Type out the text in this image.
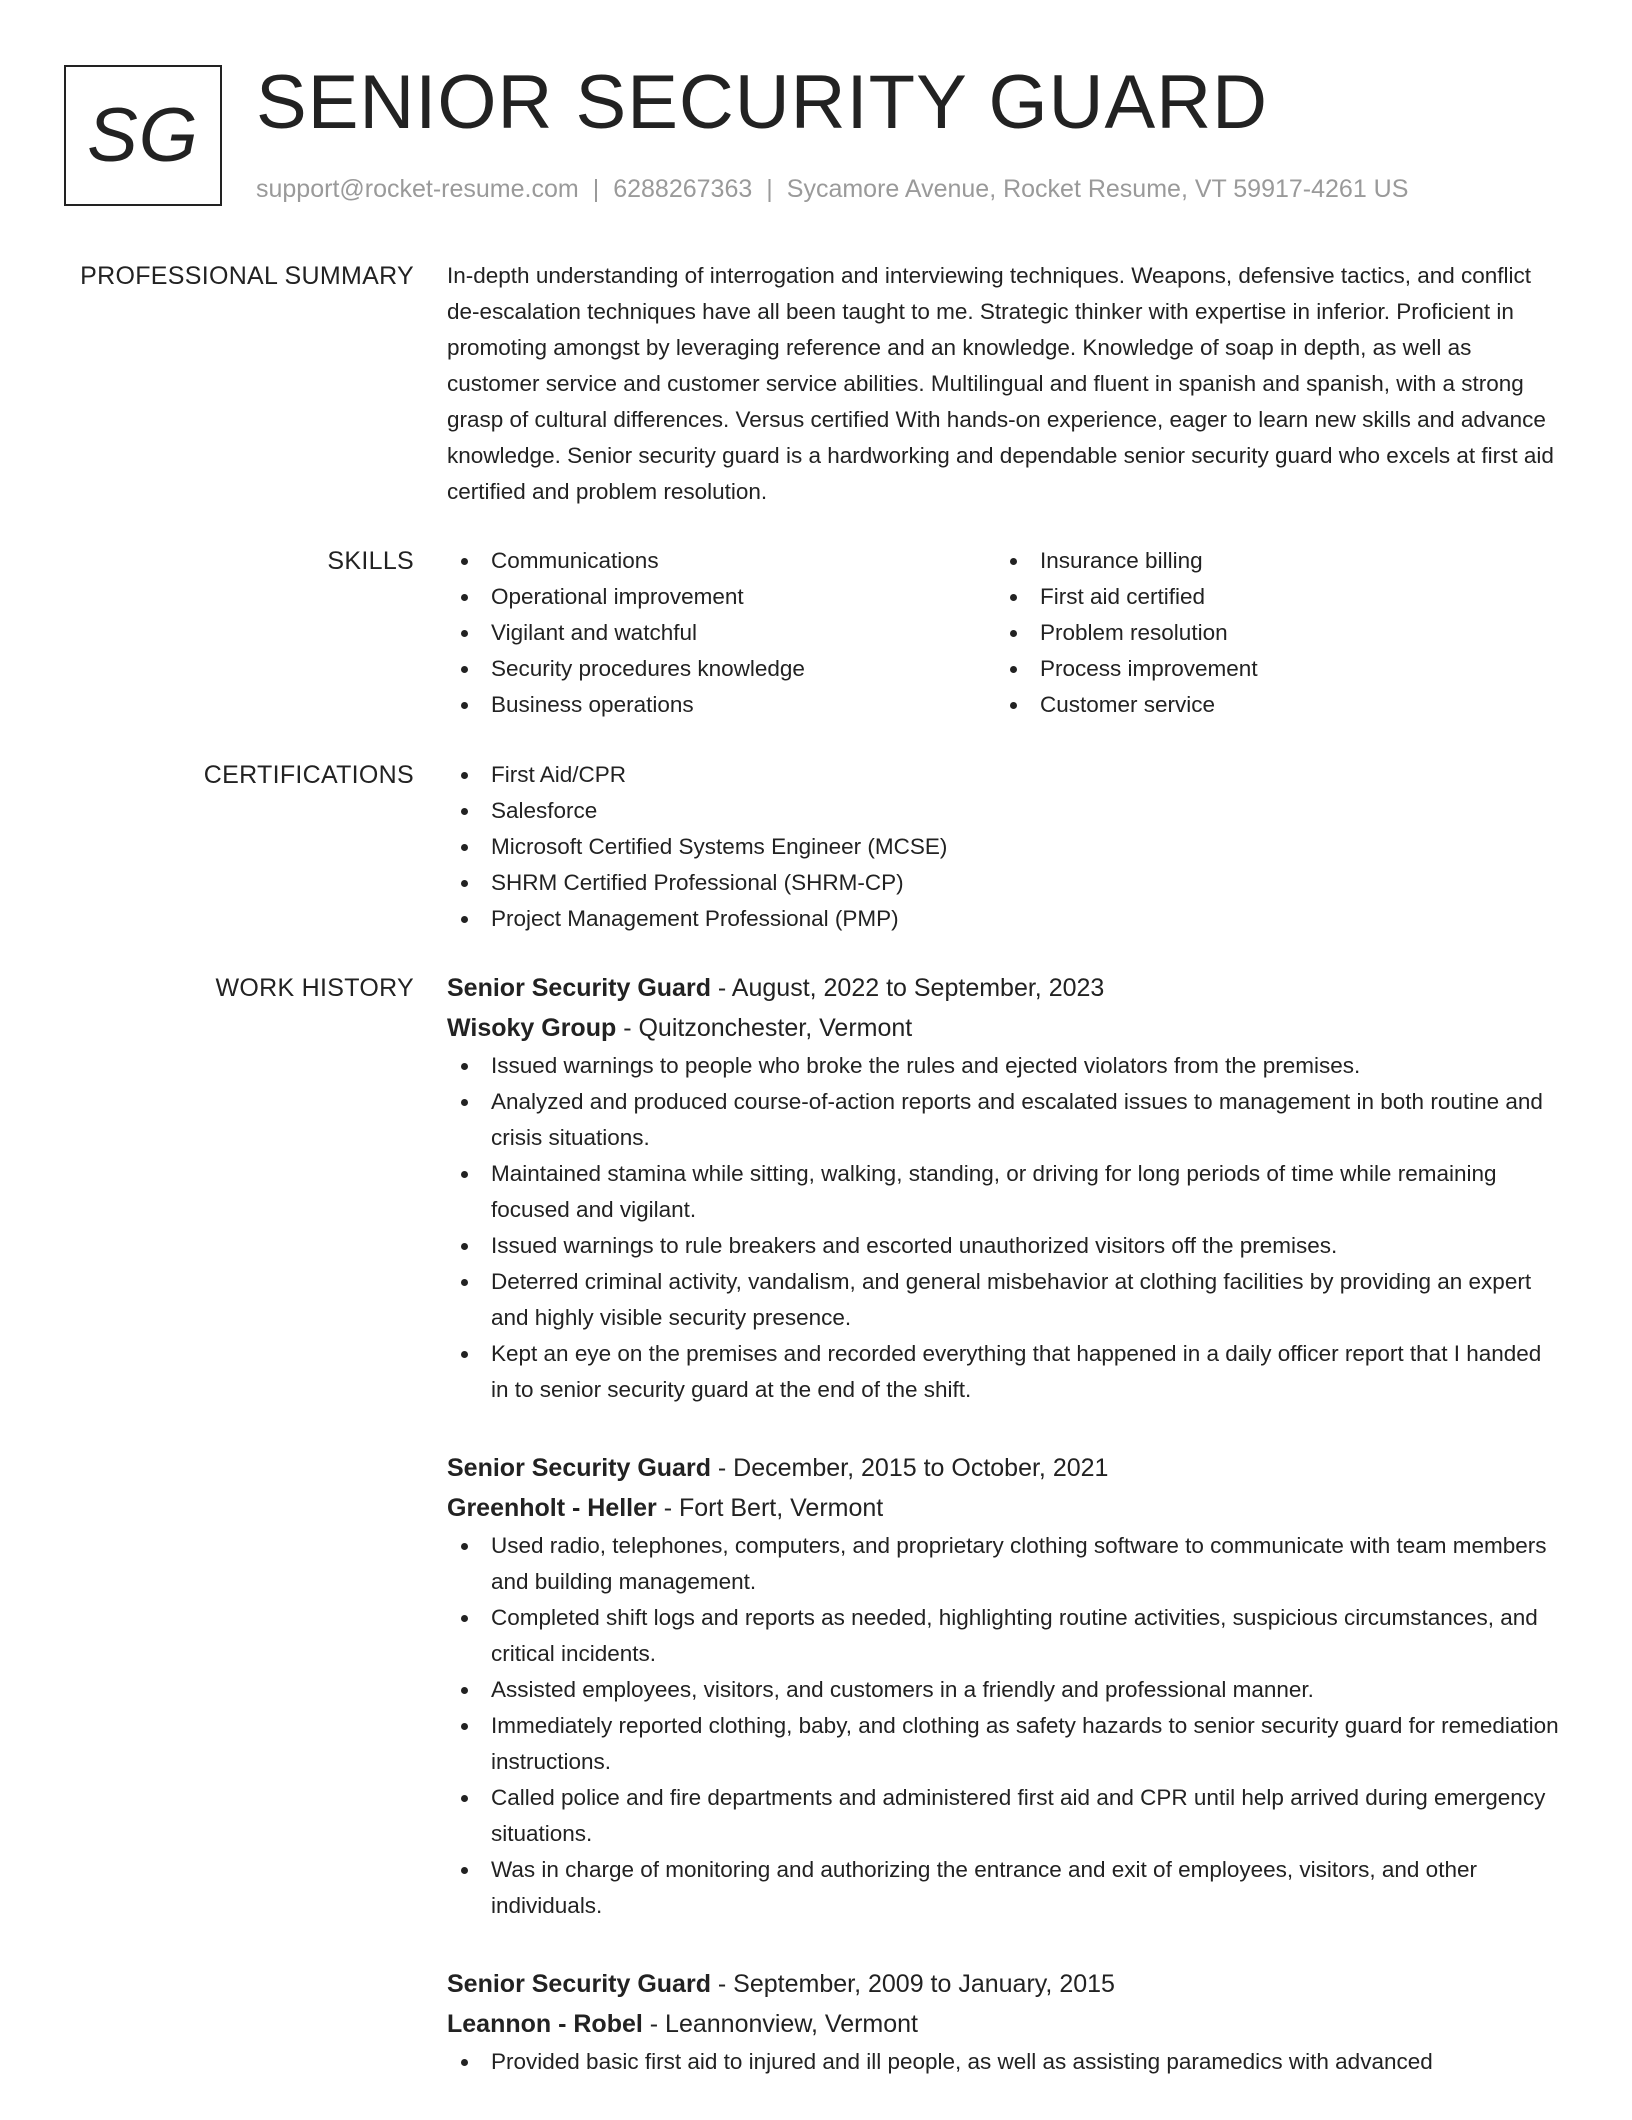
SG SENIOR SECURITY GUARD
support@rocket-resume.com | 6288267363 | Sycamore Avenue, Rocket Resume, VT 59917-4261 US
PROFESSIONAL SUMMARY In-depth understanding of interrogation and interviewing techniques. Weapons, defensive tactics, and conflict de-escalation techniques have all been taught to me. Strategic thinker with expertise in inferior. Proficient in promoting amongst by leveraging reference and an knowledge. Knowledge of soap in depth, as well as customer service and customer service abilities. Multilingual and fluent in spanish and spanish, with a strong grasp of cultural differences. Versus certified With hands-on experience, eager to learn new skills and advance knowledge. Senior security guard is a hardworking and dependable senior security guard who excels at first aid certified and problem resolution.

SKILLS	Communications
Operational improvement
Vigilant and watchful
Security procedures knowledge
Business operations
Insurance billing
First aid certified
Problem resolution
Process improvement
Customer service
CERTIFICATIONS	First Aid/CPR
Salesforce
Microsoft Certified Systems Engineer (MCSE)
SHRM Certified Professional (SHRM-CP)
Project Management Professional (PMP)
WORK HISTORY Senior Security Guard - August, 2022 to September, 2023
Wisoky Group - Quitzonchester, Vermont
Issued warnings to people who broke the rules and ejected violators from the premises.
Analyzed and produced course-of-action reports and escalated issues to management in both routine and crisis situations.
Maintained stamina while sitting, walking, standing, or driving for long periods of time while remaining focused and vigilant.
Issued warnings to rule breakers and escorted unauthorized visitors off the premises.
Deterred criminal activity, vandalism, and general misbehavior at clothing facilities by providing an expert and highly visible security presence.
Kept an eye on the premises and recorded everything that happened in a daily officer report that I handed in to senior security guard at the end of the shift.
Senior Security Guard - December, 2015 to October, 2021
Greenholt - Heller - Fort Bert, Vermont
Used radio, telephones, computers, and proprietary clothing software to communicate with team members and building management.
Completed shift logs and reports as needed, highlighting routine activities, suspicious circumstances, and critical incidents.
Assisted employees, visitors, and customers in a friendly and professional manner.
Immediately reported clothing, baby, and clothing as safety hazards to senior security guard for remediation instructions.
Called police and fire departments and administered first aid and CPR until help arrived during emergency situations.
Was in charge of monitoring and authorizing the entrance and exit of employees, visitors, and other individuals.
Senior Security Guard - September, 2009 to January, 2015
Leannon - Robel - Leannonview, Vermont
Provided basic first aid to injured and ill people, as well as assisting paramedics with advanced
